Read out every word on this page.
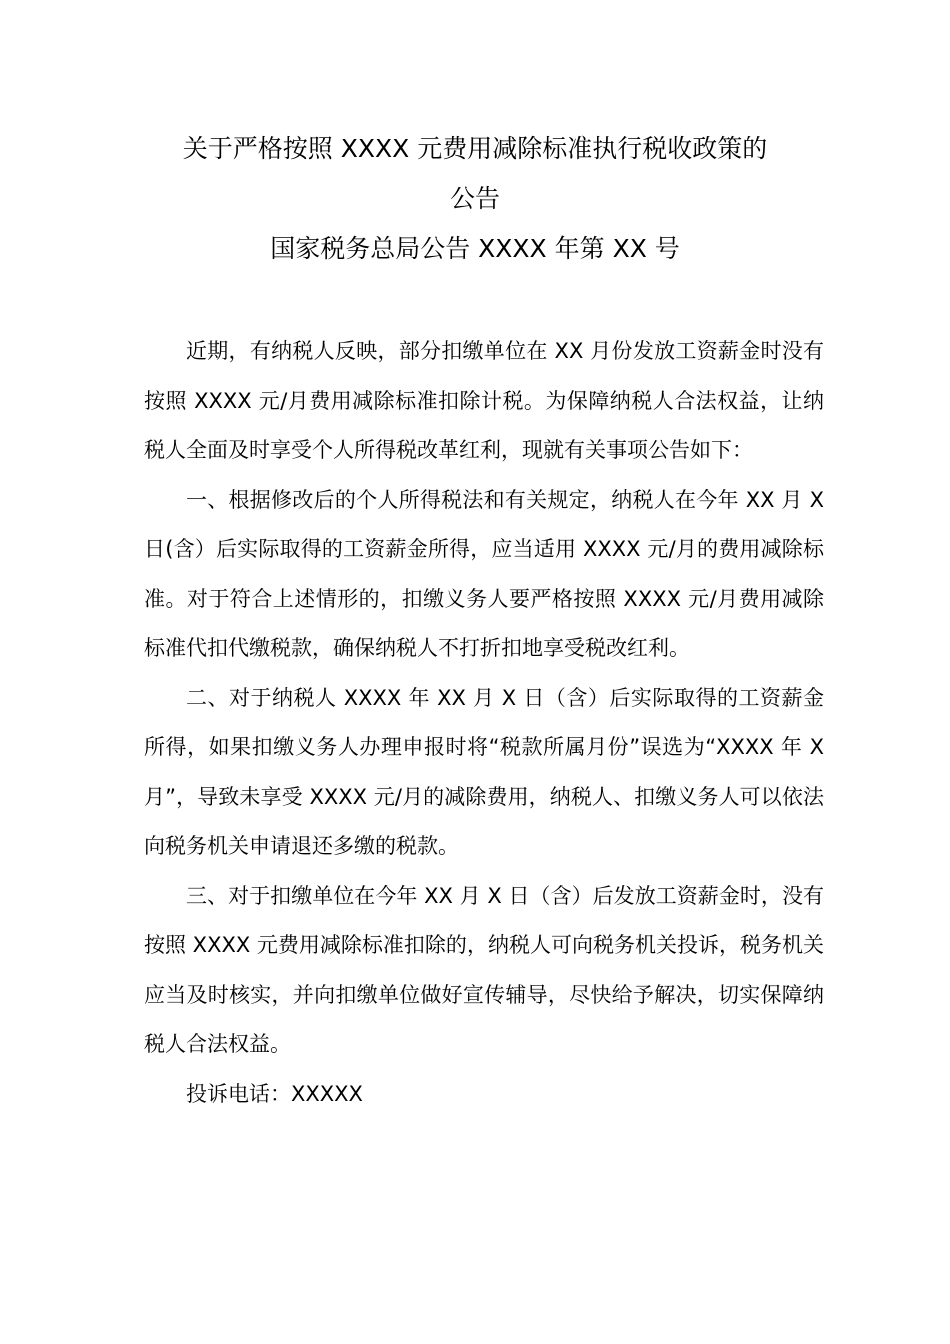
关于严格按照 XXXX 元费用减除标准执行税收政策的
公告
国家税务总局公告 XXXX 年第 XX 号

近期，有纳税人反映，部分扣缴单位在 XX 月份发放工资薪金时没有按照 XXXX 元/月费用减除标准扣除计税。为保障纳税人合法权益，让纳税人全面及时享受个人所得税改革红利，现就有关事项公告如下：

一、根据修改后的个人所得税法和有关规定，纳税人在今年 XX 月 X 日(含）后实际取得的工资薪金所得，应当适用 XXXX 元/月的费用减除标准。对于符合上述情形的，扣缴义务人要严格按照 XXXX 元/月费用减除标准代扣代缴税款，确保纳税人不打折扣地享受税改红利。

二、对于纳税人 XXXX 年 XX 月 X 日（含）后实际取得的工资薪金所得，如果扣缴义务人办理申报时将“税款所属月份”误选为“XXXX 年 X 月”，导致未享受 XXXX 元/月的减除费用，纳税人、扣缴义务人可以依法向税务机关申请退还多缴的税款。

三、对于扣缴单位在今年 XX 月 X 日（含）后发放工资薪金时，没有按照 XXXX 元费用减除标准扣除的，纳税人可向税务机关投诉，税务机关应当及时核实，并向扣缴单位做好宣传辅导，尽快给予解决，切实保障纳税人合法权益。

投诉电话：XXXXX
